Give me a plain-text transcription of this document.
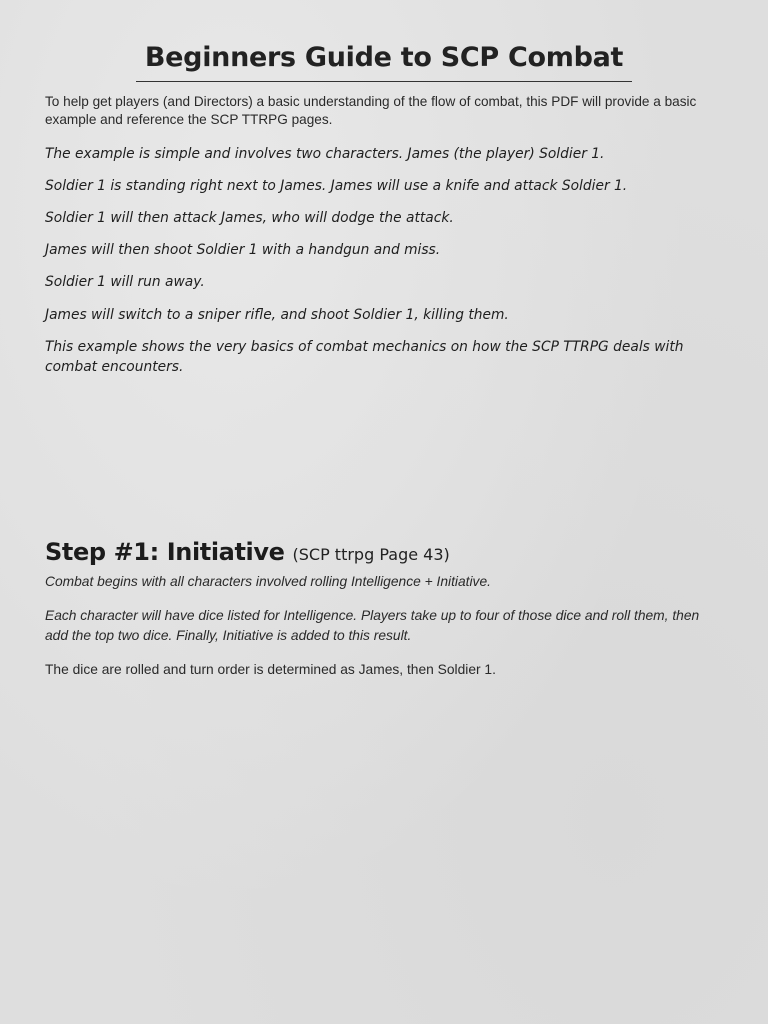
Beginners Guide to SCP Combat

To help get players (and Directors) a basic understanding of the flow of combat, this PDF will provide a basic example and reference the SCP TTRPG pages.

The example is simple and involves two characters. James (the player) Soldier 1.

Soldier 1 is standing right next to James. James will use a knife and attack Soldier 1.

Soldier 1 will then attack James, who will dodge the attack.

James will then shoot Soldier 1 with a handgun and miss.

Soldier 1 will run away.

James will switch to a sniper rifle, and shoot Soldier 1, killing them.

This example shows the very basics of combat mechanics on how the SCP TTRPG deals with combat encounters.

Step #1: Initiative (SCP ttrpg Page 43)

Combat begins with all characters involved rolling Intelligence + Initiative.

Each character will have dice listed for Intelligence. Players take up to four of those dice and roll them, then add the top two dice. Finally, Initiative is added to this result.

The dice are rolled and turn order is determined as James, then Soldier 1.
